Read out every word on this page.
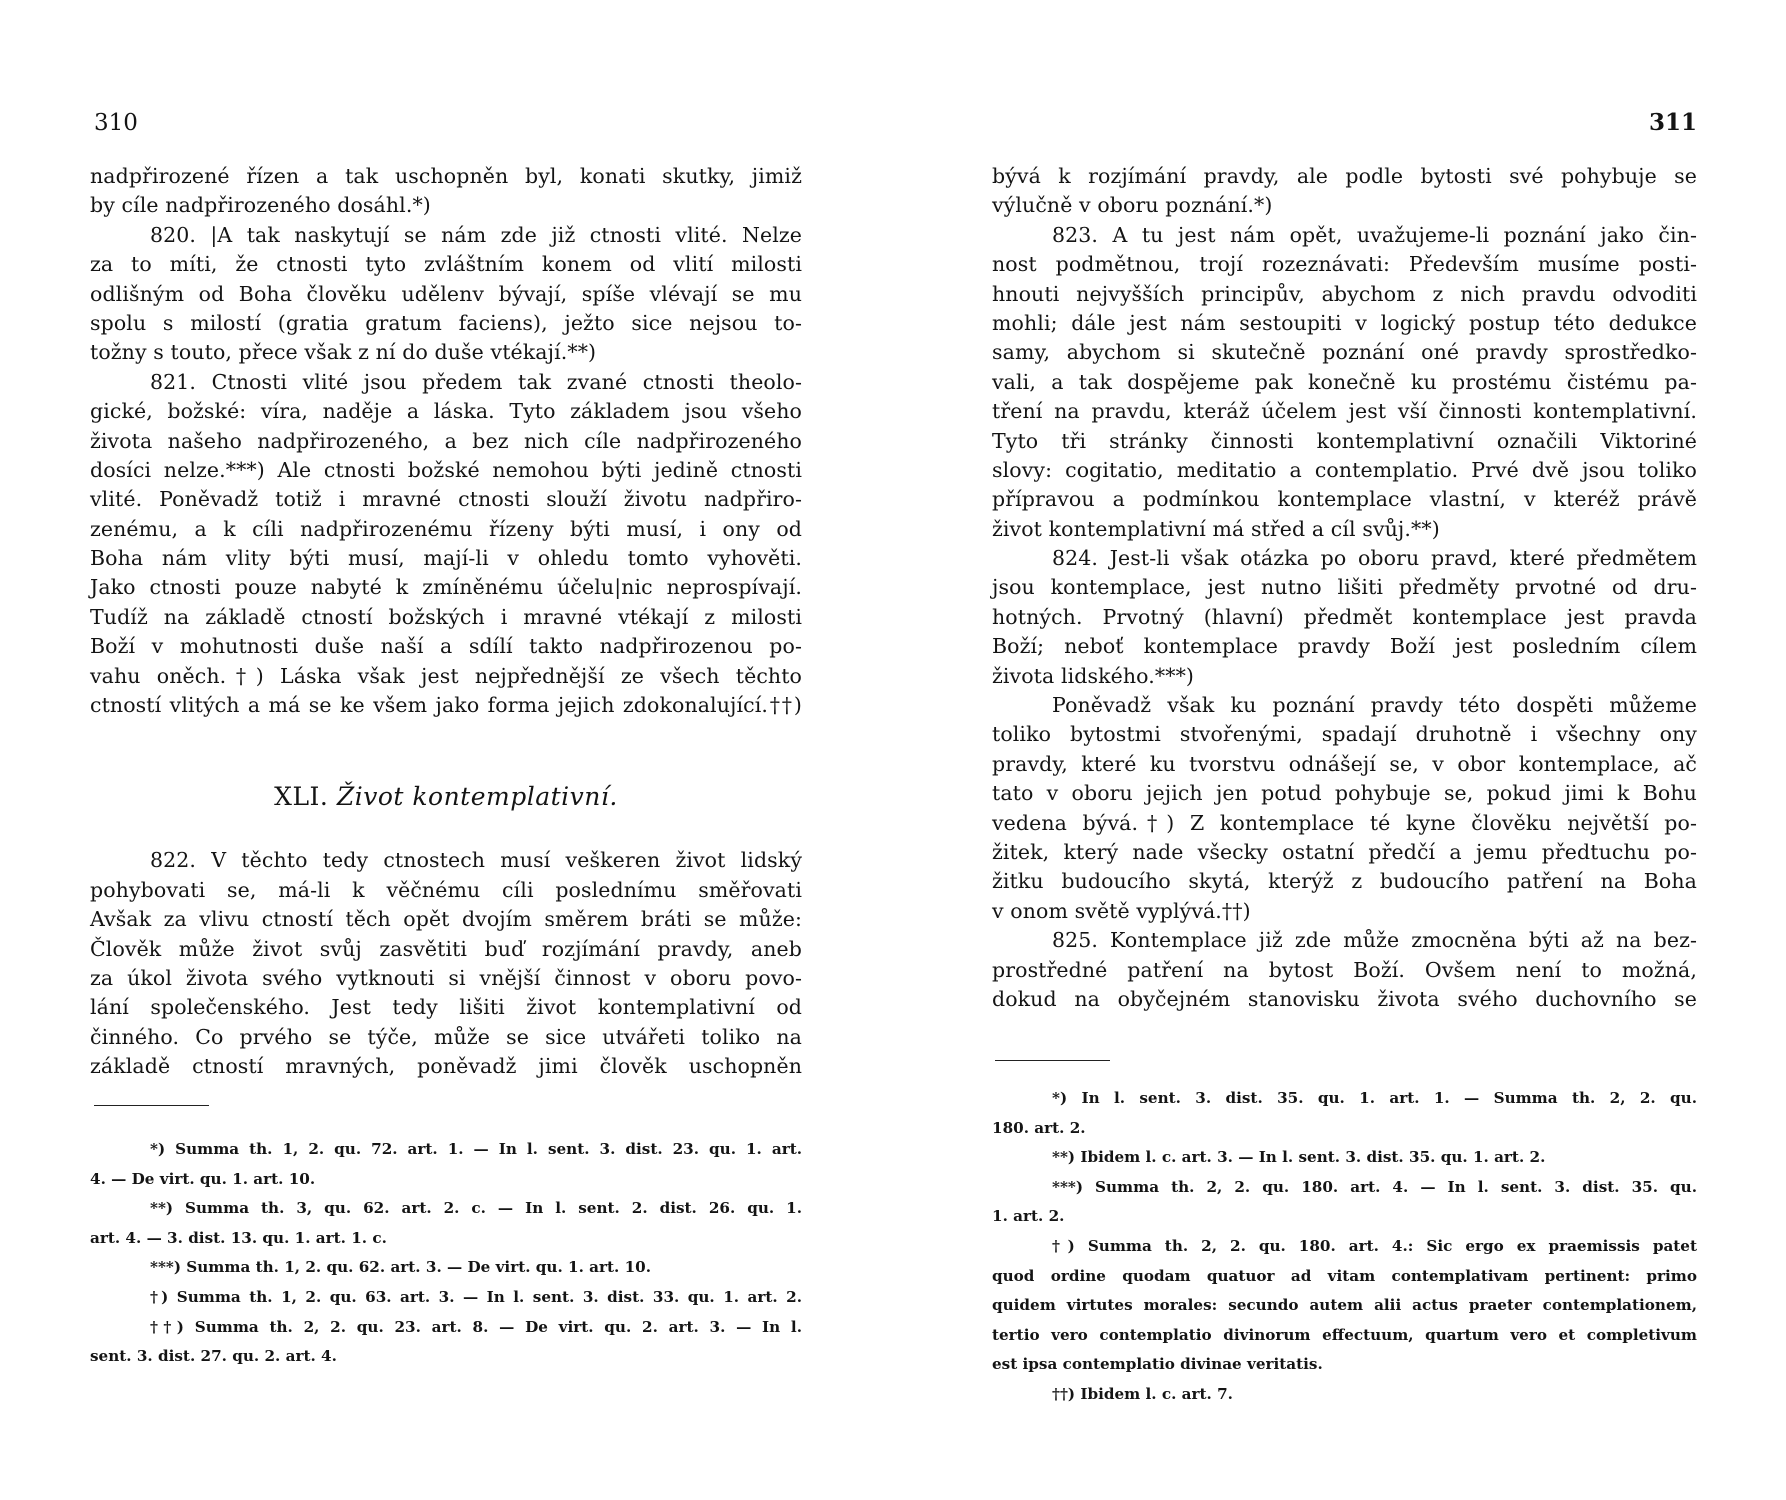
310
nadpřirozené řízen a tak uschopněn byl, konati skutky, jimiž
by cíle nadpřirozeného dosáhl.*)
820. |A tak naskytují se nám zde již ctnosti vlité. Nelze
za to míti, že ctnosti tyto zvláštním konem od vlití milosti
odlišným od Boha člověku udělenv bývají, spíše vlévají se mu
spolu s milostí (gratia gratum faciens), ježto sice nejsou to-
tožny s touto, přece však z ní do duše vtékají.**)
821. Ctnosti vlité jsou předem tak zvané ctnosti theolo-
gické, božské: víra, naděje a láska. Tyto základem jsou všeho
života našeho nadpřirozeného, a bez nich cíle nadpřirozeného
dosíci nelze.***) Ale ctnosti božské nemohou býti jedině ctnosti
vlité. Poněvadž totiž i mravné ctnosti slouží životu nadpřiro-
zenému, a k cíli nadpřirozenému řízeny býti musí, i ony od
Boha nám vlity býti musí, mají-li v ohledu tomto vyhověti.
Jako ctnosti pouze nabyté k zmíněnému účelu|nic neprospívají.
Tudíž na základě ctností božských i mravné vtékají z milosti
Boží v mohutnosti duše naší a sdílí takto nadpřirozenou po-
vahu oněch.†) Láska však jest nejpřednější ze všech těchto
ctností vlitých a má se ke všem jako forma jejich zdokonalující.††)
XLI. Život kontemplativní.
822. V těchto tedy ctnostech musí veškeren život lidský
pohybovati se, má-li k věčnému cíli poslednímu směřovati
Avšak za vlivu ctností těch opět dvojím směrem bráti se může:
Člověk může život svůj zasvětiti buď rozjímání pravdy, aneb
za úkol života svého vytknouti si vnější činnost v oboru povo-
lání společenského. Jest tedy lišiti život kontemplativní od
činného. Co prvého se týče, může se sice utvářeti toliko na
základě ctností mravných, poněvadž jimi člověk uschopněn
*) Summa th. 1, 2. qu. 72. art. 1. — In l. sent. 3. dist. 23. qu. 1. art.
4. — De virt. qu. 1. art. 10.
**) Summa th. 3, qu. 62. art. 2. c. — In l. sent. 2. dist. 26. qu. 1.
art. 4. — 3. dist. 13. qu. 1. art. 1. c.
***) Summa th. 1, 2. qu. 62. art. 3. — De virt. qu. 1. art. 10.
†) Summa th. 1, 2. qu. 63. art. 3. — In l. sent. 3. dist. 33. qu. 1. art. 2.
††) Summa th. 2, 2. qu. 23. art. 8. — De virt. qu. 2. art. 3. — In l.
sent. 3. dist. 27. qu. 2. art. 4.
311
bývá k rozjímání pravdy, ale podle bytosti své pohybuje se
výlučně v oboru poznání.*)
823. A tu jest nám opět, uvažujeme-li poznání jako čin-
nost podmětnou, trojí rozeznávati: Především musíme posti-
hnouti nejvyšších principův, abychom z nich pravdu odvoditi
mohli; dále jest nám sestoupiti v logický postup této dedukce
samy, abychom si skutečně poznání oné pravdy sprostředko-
vali, a tak dospějeme pak konečně ku prostému čistému pa-
tření na pravdu, kteráž účelem jest vší činnosti kontemplativní.
Tyto tři stránky činnosti kontemplativní označili Viktoriné
slovy: cogitatio, meditatio a contemplatio. Prvé dvě jsou toliko
přípravou a podmínkou kontemplace vlastní, v kteréž právě
život kontemplativní má střed a cíl svůj.**)
824. Jest-li však otázka po oboru pravd, které předmětem
jsou kontemplace, jest nutno lišiti předměty prvotné od dru-
hotných. Prvotný (hlavní) předmět kontemplace jest pravda
Boží; neboť kontemplace pravdy Boží jest posledním cílem
života lidského.***)
Poněvadž však ku poznání pravdy této dospěti můžeme
toliko bytostmi stvořenými, spadají druhotně i všechny ony
pravdy, které ku tvorstvu odnášejí se, v obor kontemplace, ač
tato v oboru jejich jen potud pohybuje se, pokud jimi k Bohu
vedena bývá.†) Z kontemplace té kyne člověku největší po-
žitek, který nade všecky ostatní předčí a jemu předtuchu po-
žitku budoucího skytá, kterýž z budoucího patření na Boha
v onom světě vyplývá.††)
825. Kontemplace již zde může zmocněna býti až na bez-
prostředné patření na bytost Boží. Ovšem není to možná,
dokud na obyčejném stanovisku života svého duchovního se
*) In l. sent. 3. dist. 35. qu. 1. art. 1. — Summa th. 2, 2. qu.
180. art. 2.
**) Ibidem l. c. art. 3. — In l. sent. 3. dist. 35. qu. 1. art. 2.
***) Summa th. 2, 2. qu. 180. art. 4. — In l. sent. 3. dist. 35. qu.
1. art. 2.
†) Summa th. 2, 2. qu. 180. art. 4.: Sic ergo ex praemissis patet
quod ordine quodam quatuor ad vitam contemplativam pertinent: primo
quidem virtutes morales: secundo autem alii actus praeter contemplationem,
tertio vero contemplatio divinorum effectuum, quartum vero et completivum
est ipsa contemplatio divinae veritatis.
††) Ibidem l. c. art. 7.
